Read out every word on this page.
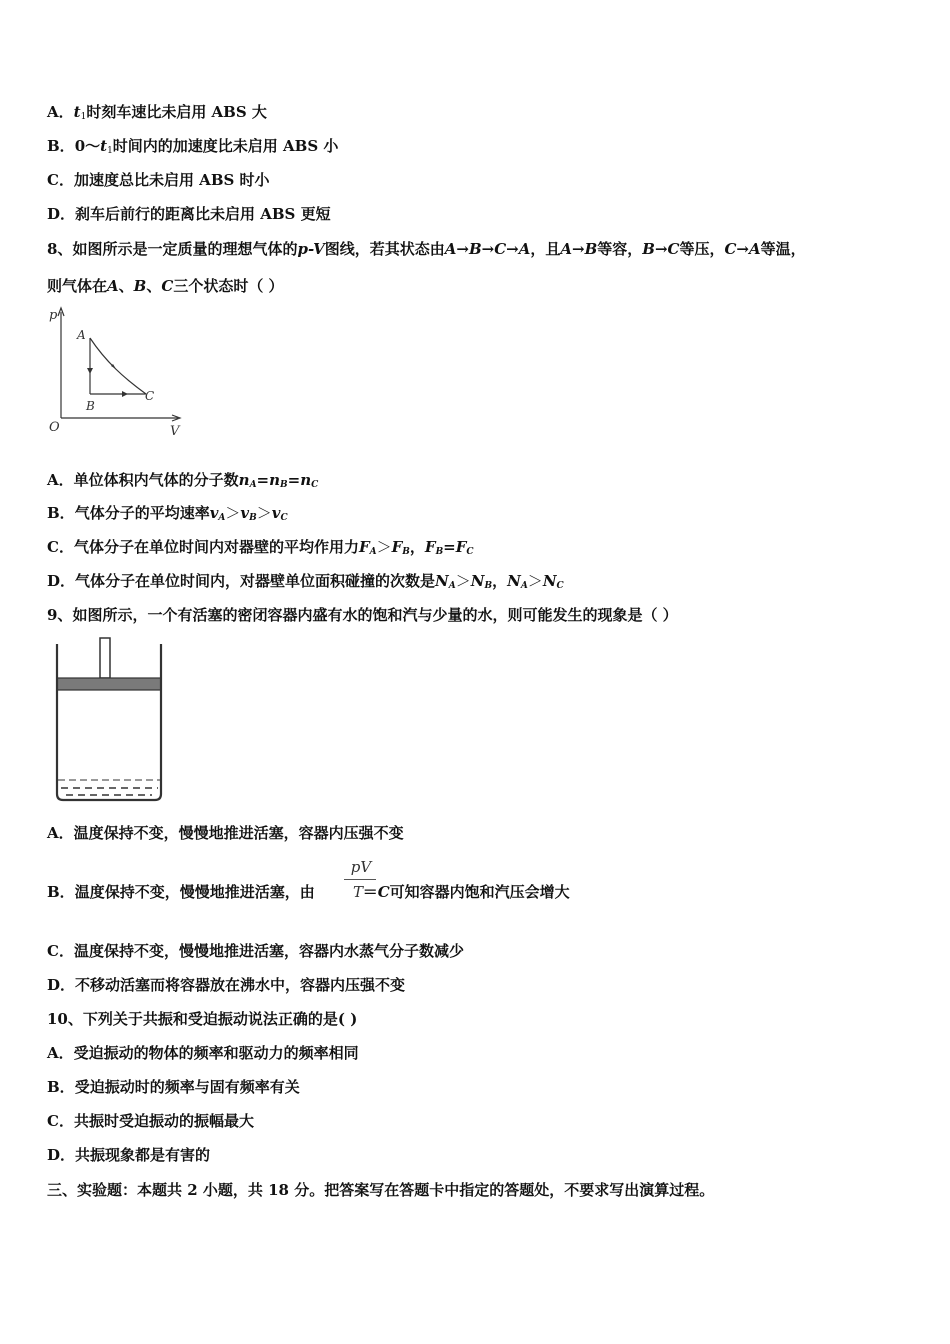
A．$t_1$时刻车速比未启用 ABS 大
B．$0\sim t_1$时间内的加速度比未启用 ABS 小
C．加速度总比未启用 ABS 时小
D．刹车后前行的距离比未启用 ABS 更短
8、如图所示是一定质量的理想气体的p-V图线，若其状态由A→B→C→A，且A→B等容，B→C等压，C→A等温，
则气体在A、B、C三个状态时（ ）
p
V
O
A
B
C
A．单位体积内气体的分子数$n_A=n_B=n_C$
B．气体分子的平均速率$v_A>v_B>v_C$
C．气体分子在单位时间内对器壁的平均作用力$F_A>F_B$，$F_B=F_C$
D．气体分子在单位时间内，对器壁单位面积碰撞的次数是$N_A>N_B$，$N_A>N_C$
9、如图所示，一个有活塞的密闭容器内盛有水的饱和汽与少量的水，则可能发生的现象是（ ）
A．温度保持不变，慢慢地推进活塞，容器内压强不变
pV
T
B．温度保持不变，慢慢地推进活塞，由	＝C可知容器内饱和汽压会增大
C．温度保持不变，慢慢地推进活塞，容器内水蒸气分子数减少
D．不移动活塞而将容器放在沸水中，容器内压强不变
10、下列关于共振和受迫振动说法正确的是( )
A．受迫振动的物体的频率和驱动力的频率相同
B．受迫振动时的频率与固有频率有关
C．共振时受迫振动的振幅最大
D．共振现象都是有害的
三、实验题：本题共 2 小题，共 18 分。把答案写在答题卡中指定的答题处，不要求写出演算过程。
